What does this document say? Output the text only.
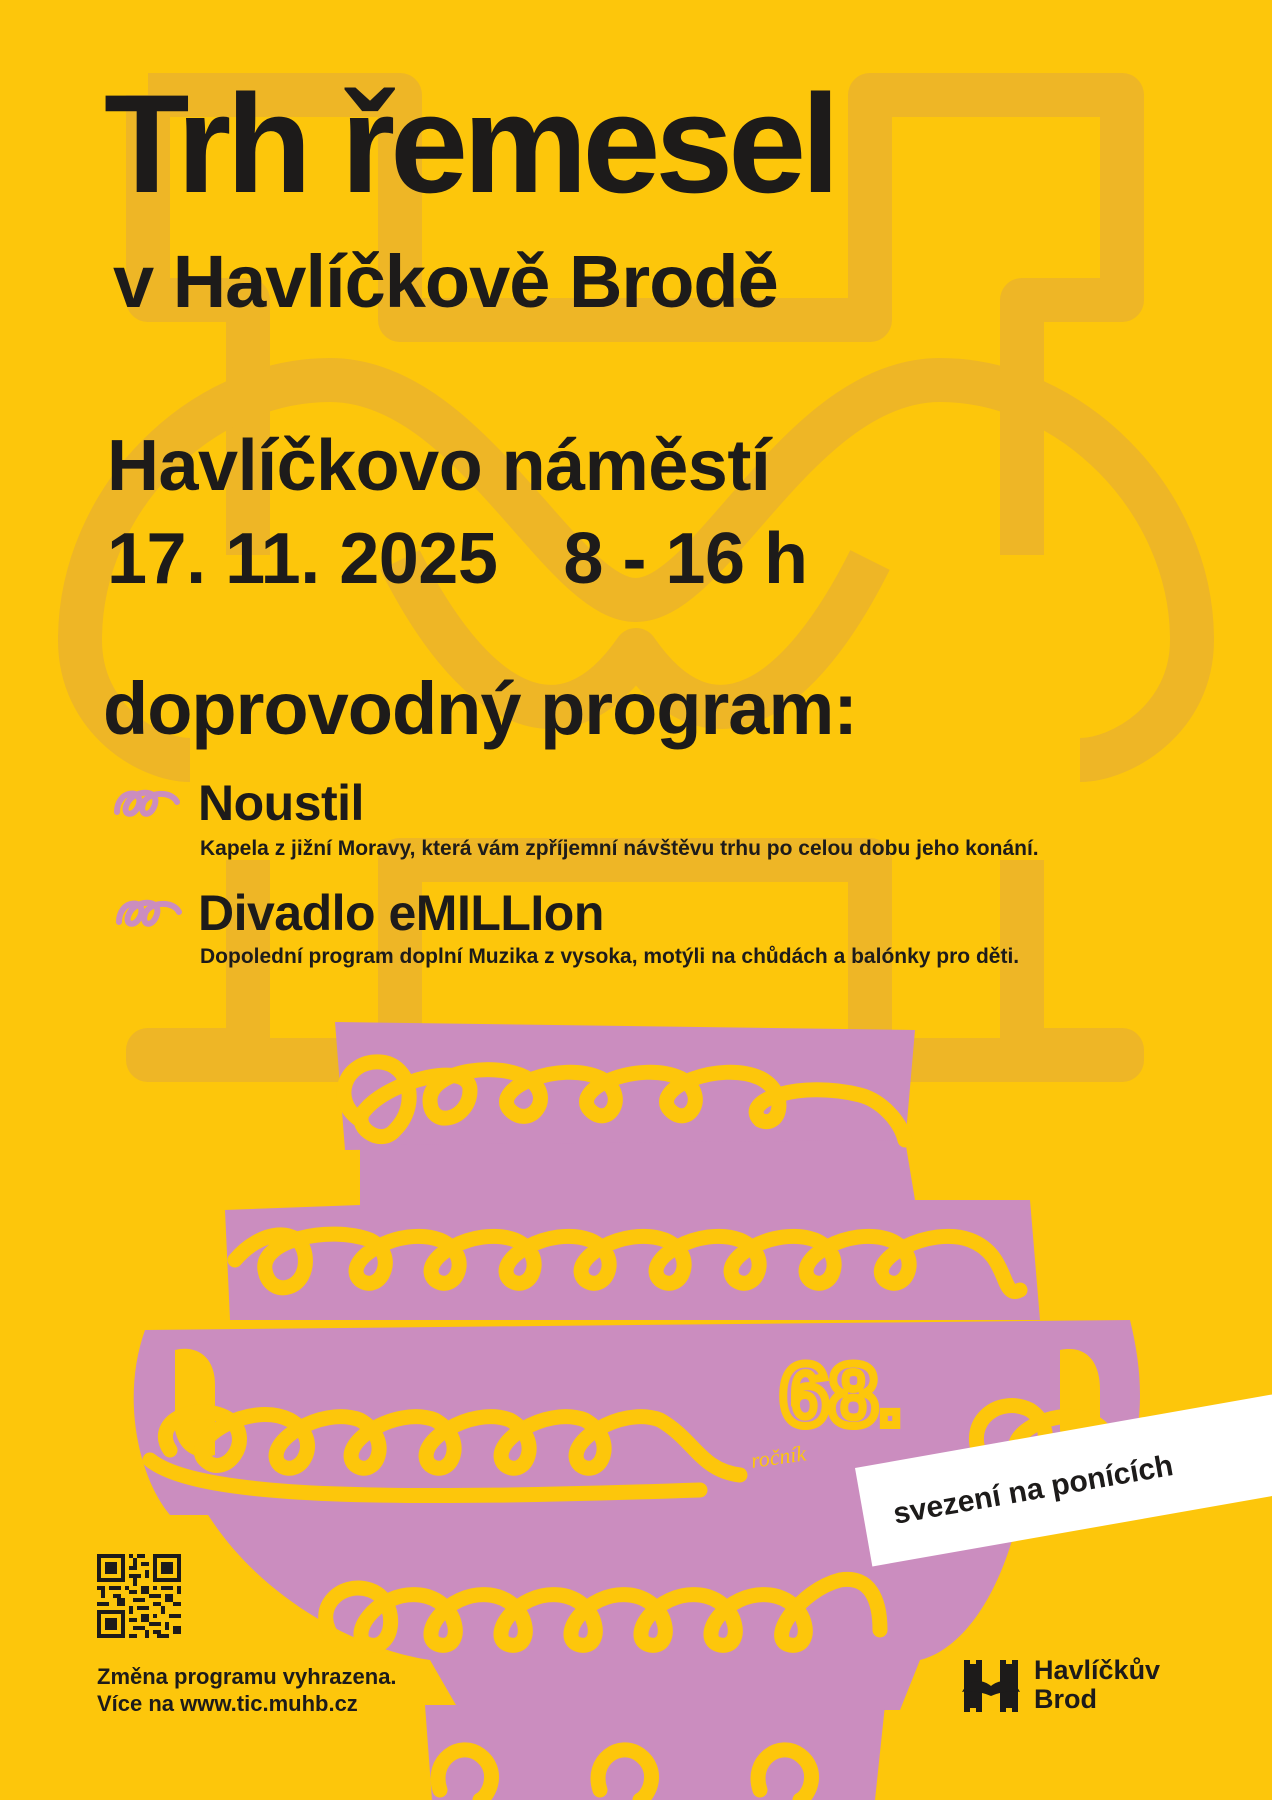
68.
ročník
Trh řemesel
v Havlíčkově Brodě
Havlíčkovo náměstí
17. 11. 2025 8 - 16 h
doprovodný program:
Noustil
Kapela z jižní Moravy, která vám zpříjemní návštěvu trhu po celou dobu jeho konání.
Divadlo eMILLIon
Dopolední program doplní Muzika z vysoka, motýli na chůdách a balónky pro děti.
svezení na ponících
Změna programu vyhrazena.
Více na www.tic.muhb.cz
Havlíčkův
Brod
